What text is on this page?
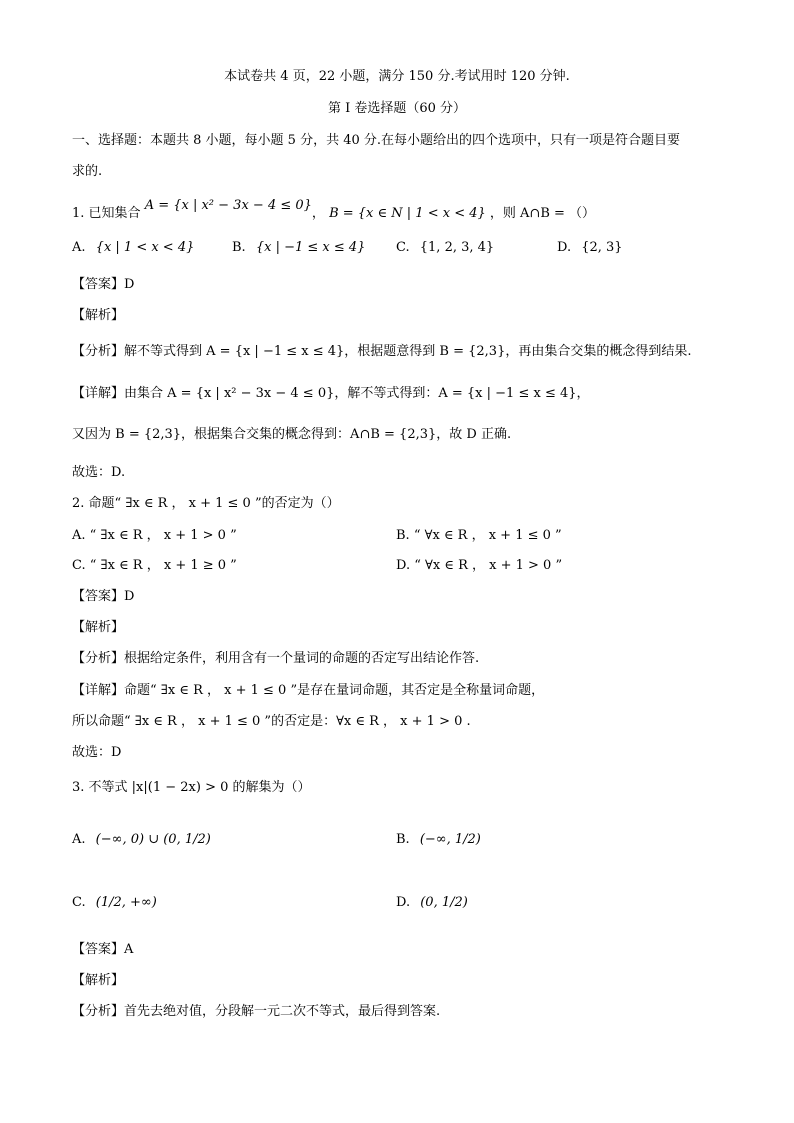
本试卷共 4 页，22 小题，满分 150 分.考试用时 120 分钟.
第 I 卷选择题（60 分）
一、选择题：本题共 8 小题，每小题 5 分，共 40 分.在每小题给出的四个选项中，只有一项是符合题目要
求的.
1. 已知集合 A = {x | x² − 3x − 4 ≤ 0}， B = {x ∈ N | 1 < x < 4} ，则 A∩B = （）
A. {x | 1 < x < 4}	B. {x | −1 ≤ x ≤ 4} C. {1, 2, 3, 4}	D. {2, 3}
【答案】D
【解析】
【分析】解不等式得到 A = {x | −1 ≤ x ≤ 4}，根据题意得到 B = {2,3}，再由集合交集的概念得到结果.
【详解】由集合 A = {x | x² − 3x − 4 ≤ 0}，解不等式得到：A = {x | −1 ≤ x ≤ 4}，
又因为 B = {2,3}，根据集合交集的概念得到：A∩B = {2,3}，故 D 正确.
故选：D.
2. 命题“ ∃x ∈ R ， x + 1 ≤ 0 ”的否定为（）
A. “ ∃x ∈ R ， x + 1 > 0 ”	B. “ ∀x ∈ R ， x + 1 ≤ 0 ”
C. “ ∃x ∈ R ， x + 1 ≥ 0 ”	D. “ ∀x ∈ R ， x + 1 > 0 ”
【答案】D
【解析】
【分析】根据给定条件，利用含有一个量词的命题的否定写出结论作答.
【详解】命题“ ∃x ∈ R ， x + 1 ≤ 0 ”是存在量词命题，其否定是全称量词命题，
所以命题“ ∃x ∈ R ， x + 1 ≤ 0 ”的否定是：∀x ∈ R ， x + 1 > 0 .
故选：D
3. 不等式 |x|(1 − 2x) > 0 的解集为（）
A. (−∞, 0) ∪ (0, 1/2)	B. (−∞, 1/2)
C. (1/2, +∞)	D. (0, 1/2)
【答案】A
【解析】
【分析】首先去绝对值，分段解一元二次不等式，最后得到答案.
